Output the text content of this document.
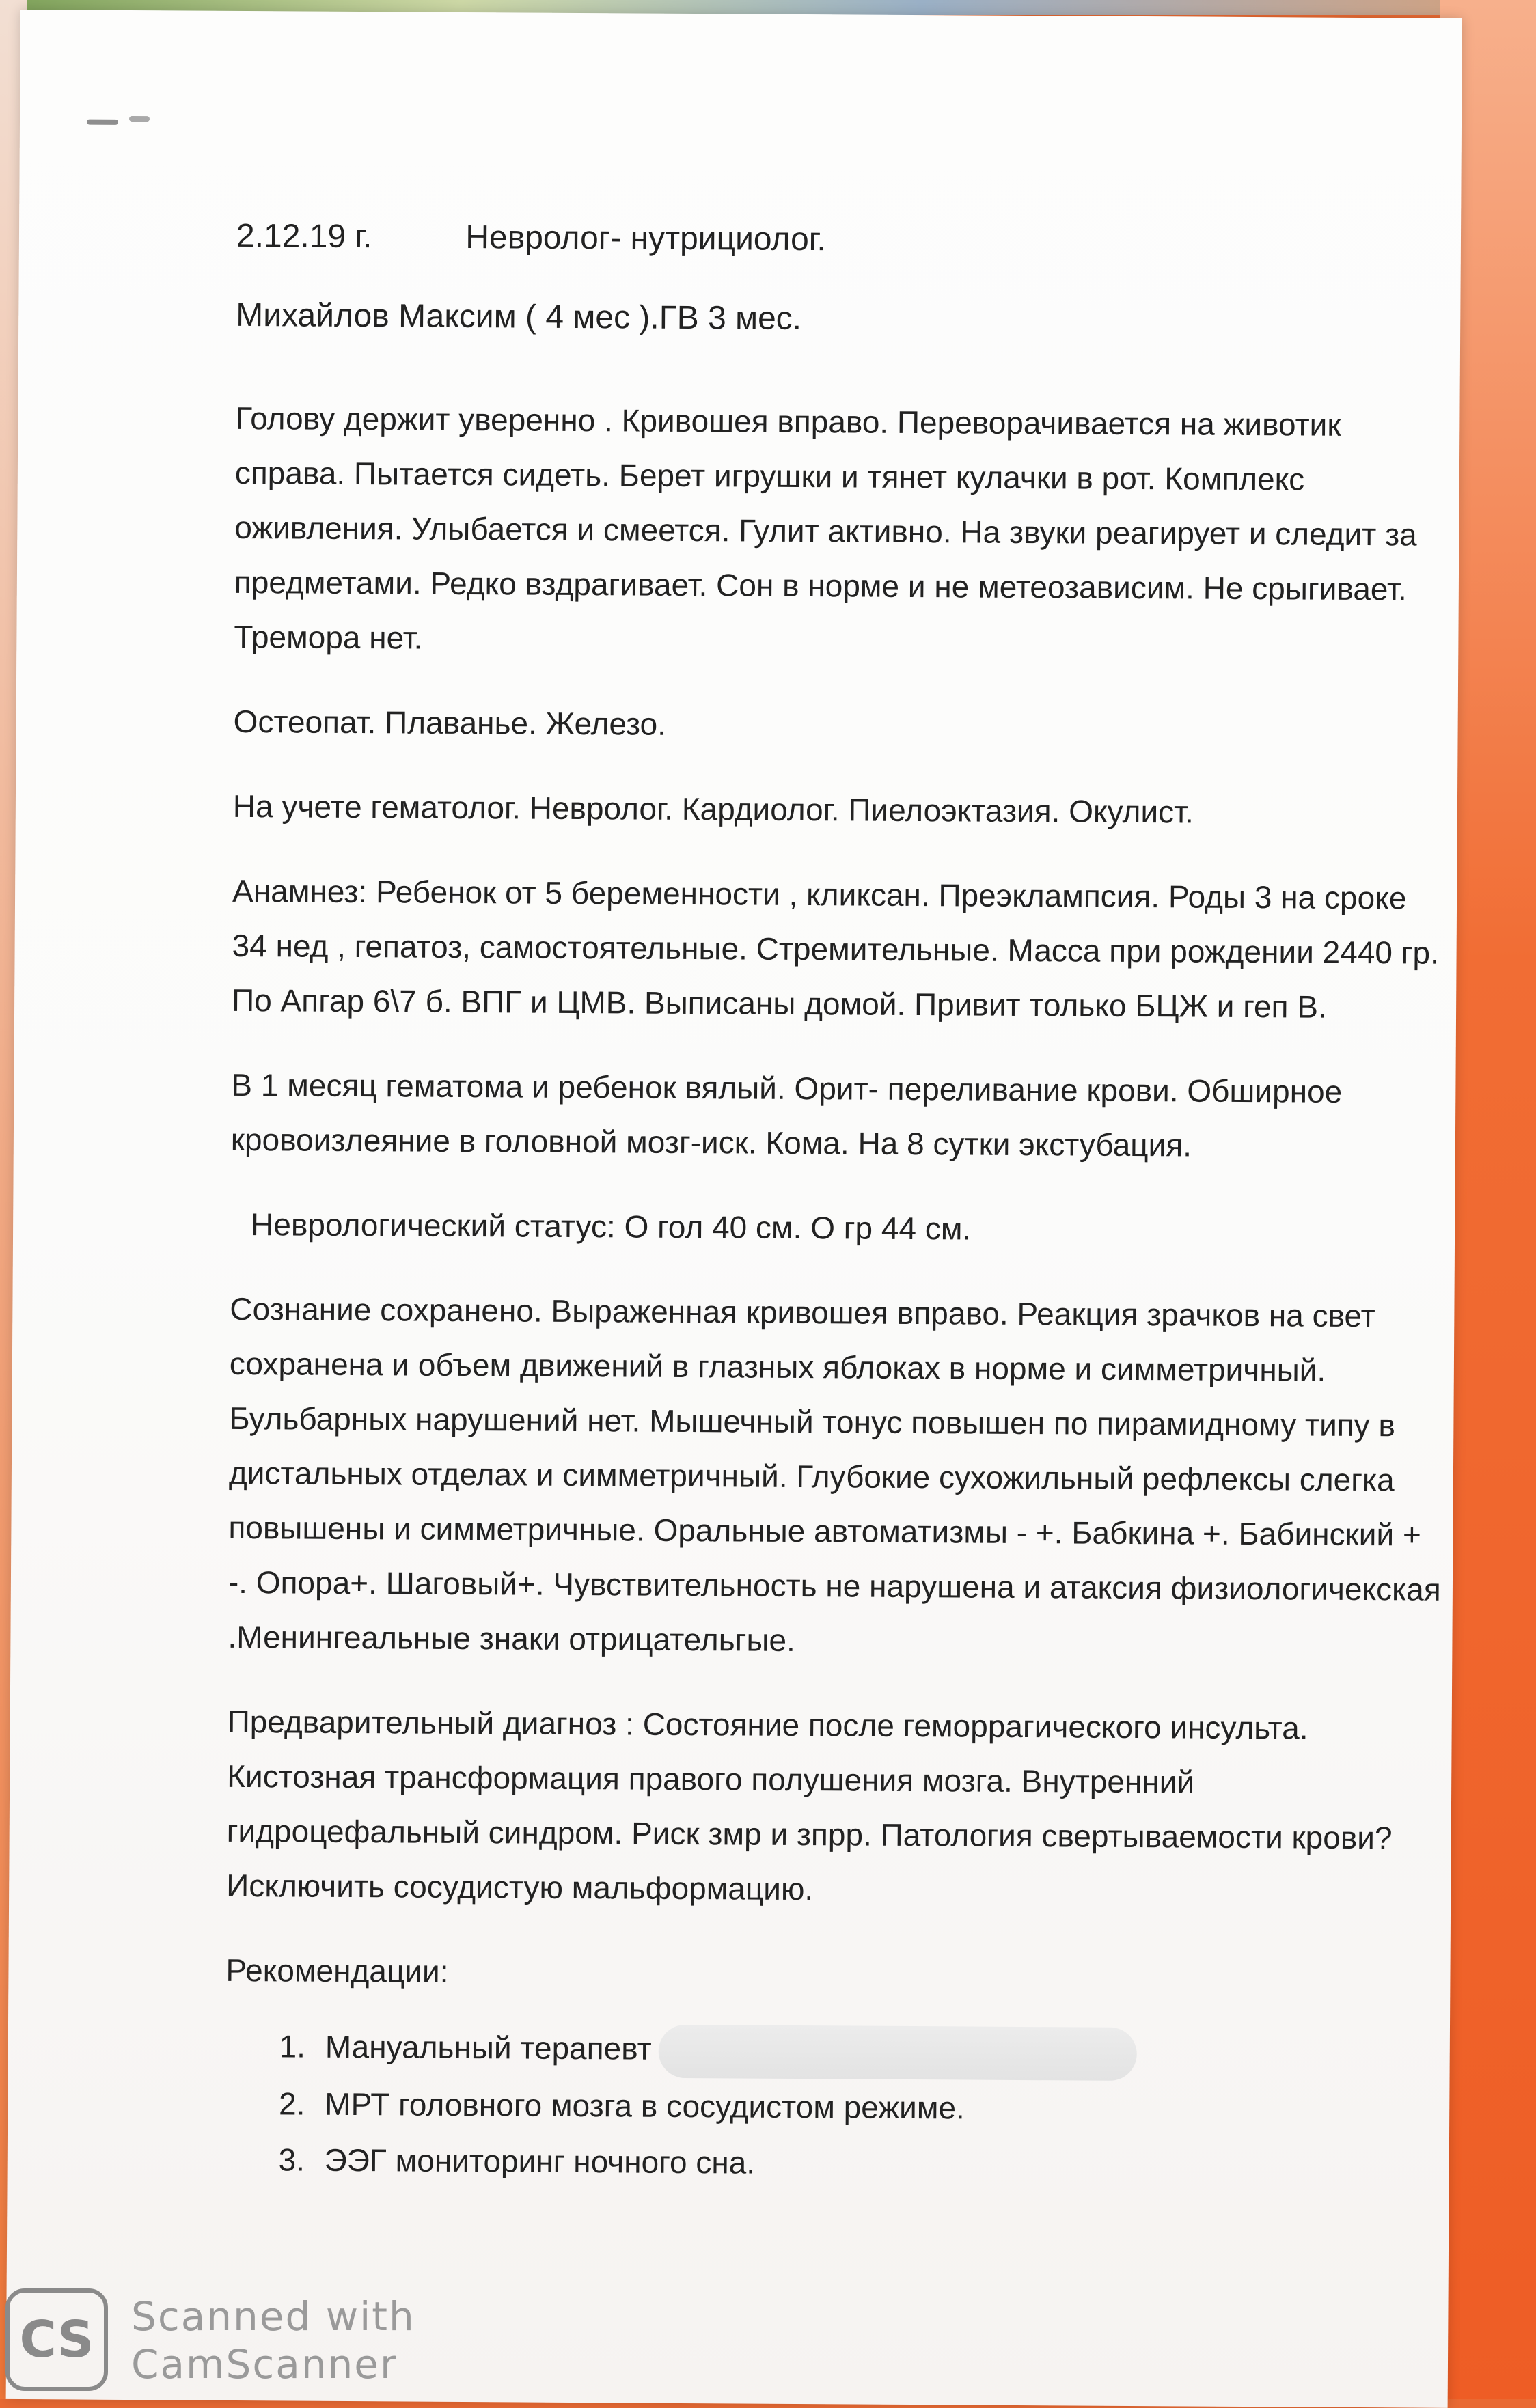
2.12.19 г.	Невролог- нутрициолог.
Михайлов Максим ( 4 мес ).ГВ 3 мес.

Голову держит уверенно . Кривошея вправо. Переворачивается на животик справа. Пытается сидеть. Берет игрушки и тянет кулачки в рот. Комплекс оживления. Улыбается и смеется. Гулит активно. На звуки реагирует и следит за предметами. Редко вздрагивает. Сон в норме и не метеозависим. Не срыгивает. Тремора нет.

Остеопат. Плаванье. Железо.

На учете гематолог. Невролог. Кардиолог. Пиелоэктазия. Окулист.

Анамнез: Ребенок от 5 беременности , кликсан. Преэклампсия. Роды 3 на сроке 34 нед , гепатоз, самостоятельные. Стремительные. Масса при рождении 2440 гр. По Апгар 6\7 б. ВПГ и ЦМВ. Выписаны домой. Привит только БЦЖ и геп В.

В 1 месяц гематома и ребенок вялый. Орит- переливание крови. Обширное кровоизлеяние в головной мозг-иск. Кома. На 8 сутки экстубация.

Неврологический статус: О гол 40 см. О гр 44 см.

Сознание сохранено. Выраженная кривошея вправо. Реакция зрачков на свет сохранена и объем движений в глазных яблоках в норме и симметричный. Бульбарных нарушений нет. Мышечный тонус повышен по пирамидному типу в дистальных отделах и симметричный. Глубокие сухожильный рефлексы слегка повышены и симметричные. Оральные автоматизмы - +. Бабкина +. Бабинский + -. Опора+. Шаговый+. Чувствительность не нарушена и атаксия физиологичекская .Менингеальные знаки отрицательгые.

Предварительный диагноз : Состояние после геморрагического инсульта. Кистозная трансформация правого полушения мозга. Внутренний гидроцефальный синдром. Риск змр и зпрр. Патология свертываемости крови? Исключить сосудистую мальформацию.

Рекомендации:

1. Мануальный терапевт
2. МРТ головного мозга в сосудистом режиме.
3. ЭЭГ мониторинг ночного сна.
CS Scanned with
CamScanner
